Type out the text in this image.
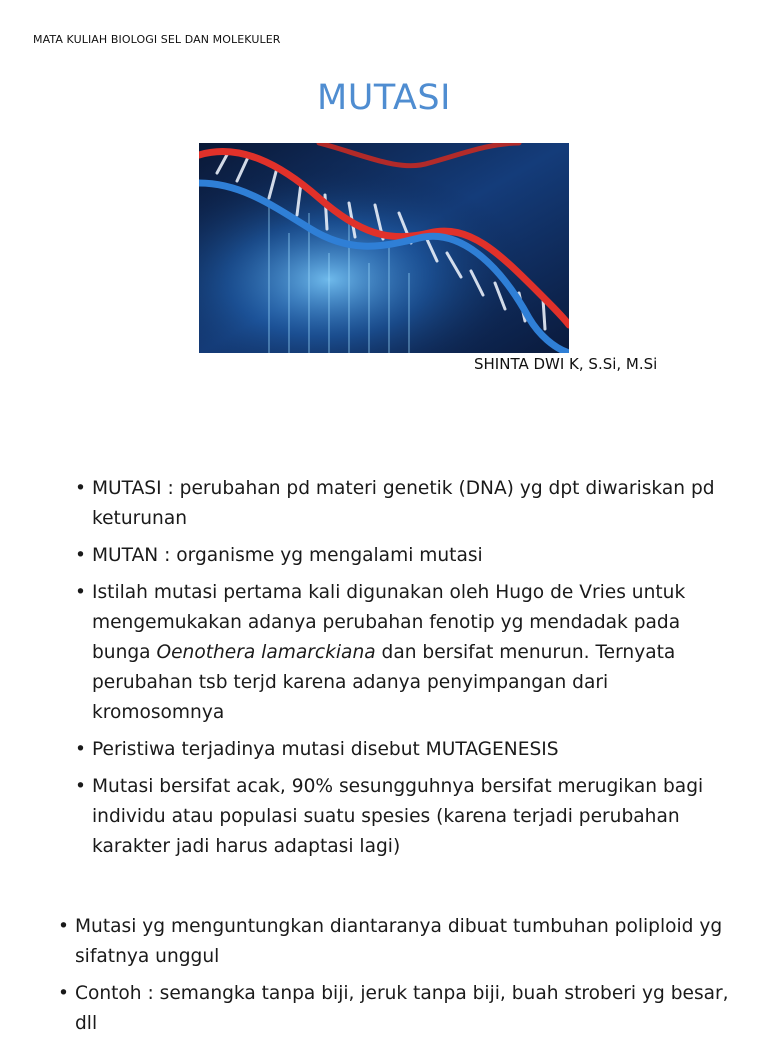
MATA KULIAH BIOLOGI SEL DAN MOLEKULER
MUTASI
SHINTA DWI K, S.Si, M.Si
• MUTASI : perubahan pd materi genetik (DNA) yg dpt diwariskan pd keturunan
• MUTAN : organisme yg mengalami mutasi
• Istilah mutasi pertama kali digunakan oleh Hugo de Vries untuk mengemukakan adanya perubahan fenotip yg mendadak pada bunga Oenothera lamarckiana dan bersifat menurun. Ternyata perubahan tsb terjd karena adanya penyimpangan dari kromosomnya
• Peristiwa terjadinya mutasi disebut MUTAGENESIS
• Mutasi bersifat acak, 90% sesungguhnya bersifat merugikan bagi individu atau populasi suatu spesies (karena terjadi perubahan karakter jadi harus adaptasi lagi)
• Mutasi yg menguntungkan diantaranya dibuat tumbuhan poliploid yg sifatnya unggul
• Contoh : semangka tanpa biji, jeruk tanpa biji, buah stroberi yg besar, dll
